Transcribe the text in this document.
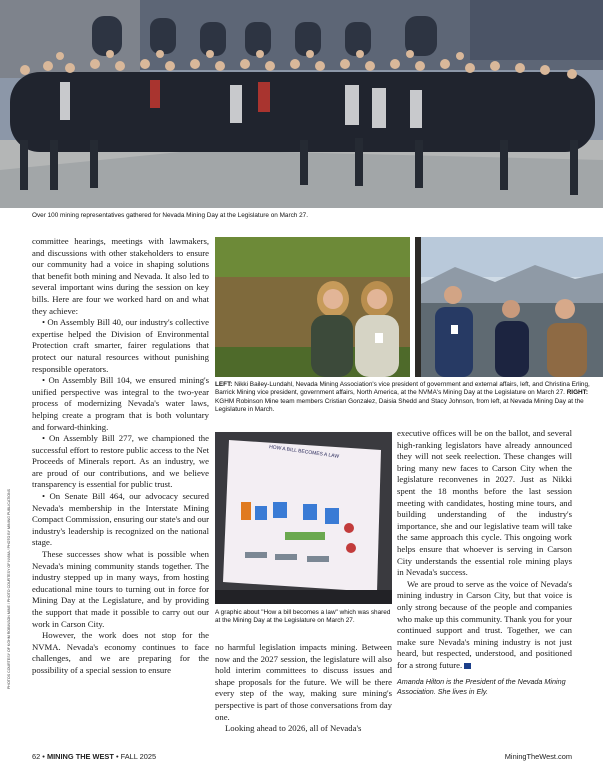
Over 100 mining representatives gathered for Nevada Mining Day at the Legislature on March 27.
LEFT: Nikki Bailey-Lundahl, Nevada Mining Association's vice president of government and external affairs, left, and Christina Erling, Barrick Mining vice president, government affairs, North America, at the NVMA's Mining Day at the Legislature on March 27. RIGHT: KGHM Robinson Mine team members Cristian Gonzalez, Daisia Shedd and Stacy Johnson, from left, at Nevada Mining Day at the Legislature in March.
HOW A BILL BECOMES A LAW
A graphic about "How a bill becomes a law" which was shared at the Mining Day at the Legislature on March 27.
PHOTOS COURTESY OF KGHM ROBINSON MINE / PHOTO COURTESY OF NVMA / PHOTO BY MINING PUBLICATIONS

committee hearings, meetings with lawmakers, and discussions with other stakeholders to ensure our community had a voice in shaping solutions that benefit both mining and Nevada. It also led to several important wins during the session on key bills. Here are four we worked hard on and what they achieve:

• On Assembly Bill 40, our industry's collective expertise helped the Division of Environmental Protection craft smarter, fairer regulations that protect our natural resources without punishing responsible operators.

• On Assembly Bill 104, we ensured mining's unified perspective was integral to the two-year process of modernizing Nevada's water laws, helping create a program that is both voluntary and forward-thinking.

• On Assembly Bill 277, we championed the successful effort to restore public access to the Net Proceeds of Minerals report. As an industry, we are proud of our contributions, and we believe transparency is essential for public trust.

• On Senate Bill 464, our advocacy secured Nevada's membership in the Interstate Mining Compact Commission, ensuring our state's and our industry's leadership is recognized on the national stage.

These successes show what is possible when Nevada's mining community stands together. The industry stepped up in many ways, from hosting educational mine tours to turning out in force for Mining Day at the Legislature, and by providing the support that made it possible to carry out our work in Carson City.

However, the work does not stop for the NVMA. Nevada's economy continues to face challenges, and we are preparing for the possibility of a special session to ensure

no harmful legislation impacts mining. Between now and the 2027 session, the legislature will also hold interim committees to discuss issues and shape proposals for the future. We will be there every step of the way, making sure mining's perspective is part of those conversations from day one.

Looking ahead to 2026, all of Nevada's

executive offices will be on the ballot, and several high-ranking legislators have already announced they will not seek reelection. These changes will bring many new faces to Carson City when the legislature reconvenes in 2027. Just as Nikki spent the 18 months before the last session meeting with candidates, hosting mine tours, and building understanding of the industry's importance, she and our legislative team will take the same approach this cycle. This ongoing work helps ensure that whoever is serving in Carson City understands the essential role mining plays in Nevada's success.

We are proud to serve as the voice of Nevada's mining industry in Carson City, but that voice is only strong because of the people and companies who make up this community. Thank you for your continued support and trust. Together, we can make sure Nevada's mining industry is not just heard, but respected, understood, and positioned for a strong future.

Amanda Hilton is the President of the Nevada Mining Association. She lives in Ely.

62 • MINING THE WEST • FALL 2025	MiningTheWest.com
